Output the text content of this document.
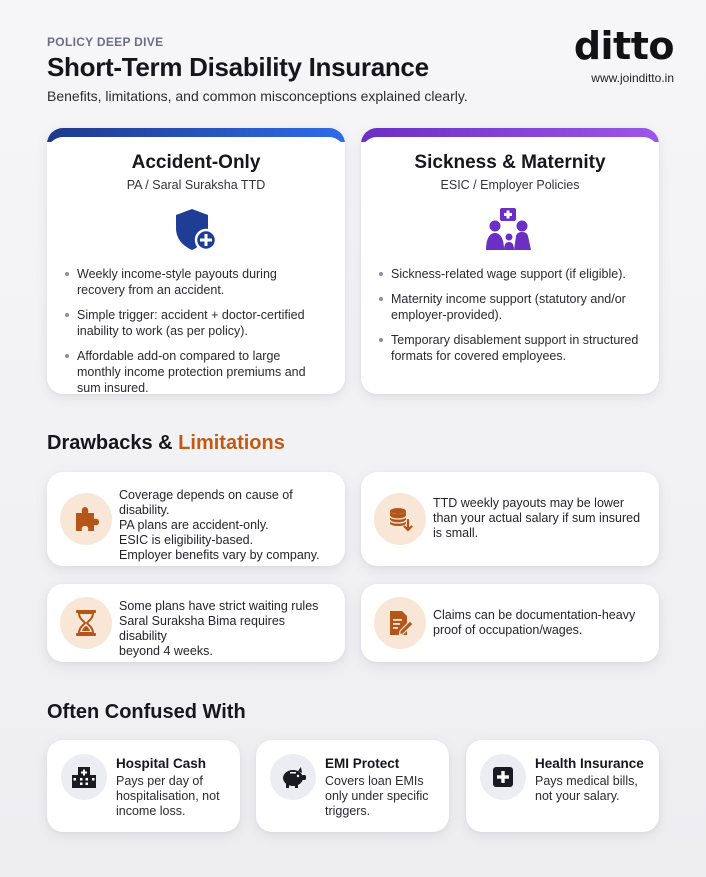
POLICY DEEP DIVE
Short-Term Disability Insurance
Benefits, limitations, and common misconceptions explained clearly.
ditto
www.joinditto.in
Accident-Only
PA / Saral Suraksha TTD
Weekly income-style payouts during recovery from an accident.
Simple trigger: accident + doctor-certified inability to work (as per policy).
Affordable add-on compared to large monthly income protection premiums and sum insured.
Sickness & Maternity
ESIC / Employer Policies
Sickness-related wage support (if eligible).
Maternity income support (statutory and/or employer-provided).
Temporary disablement support in structured formats for covered employees.
Drawbacks & Limitations
Coverage depends on cause of disability.
PA plans are accident-only.
ESIC is eligibility-based.
Employer benefits vary by company.
TTD weekly payouts may be lower
than your actual salary if sum insured
is small.
Some plans have strict waiting rules
Saral Suraksha Bima requires disability
beyond 4 weeks.
Claims can be documentation-heavy
proof of occupation/wages.
Often Confused With
Hospital Cash
Pays per day of
hospitalisation, not
income loss.
EMI Protect
Covers loan EMIs
only under specific
triggers.
Health Insurance
Pays medical bills,
not your salary.
